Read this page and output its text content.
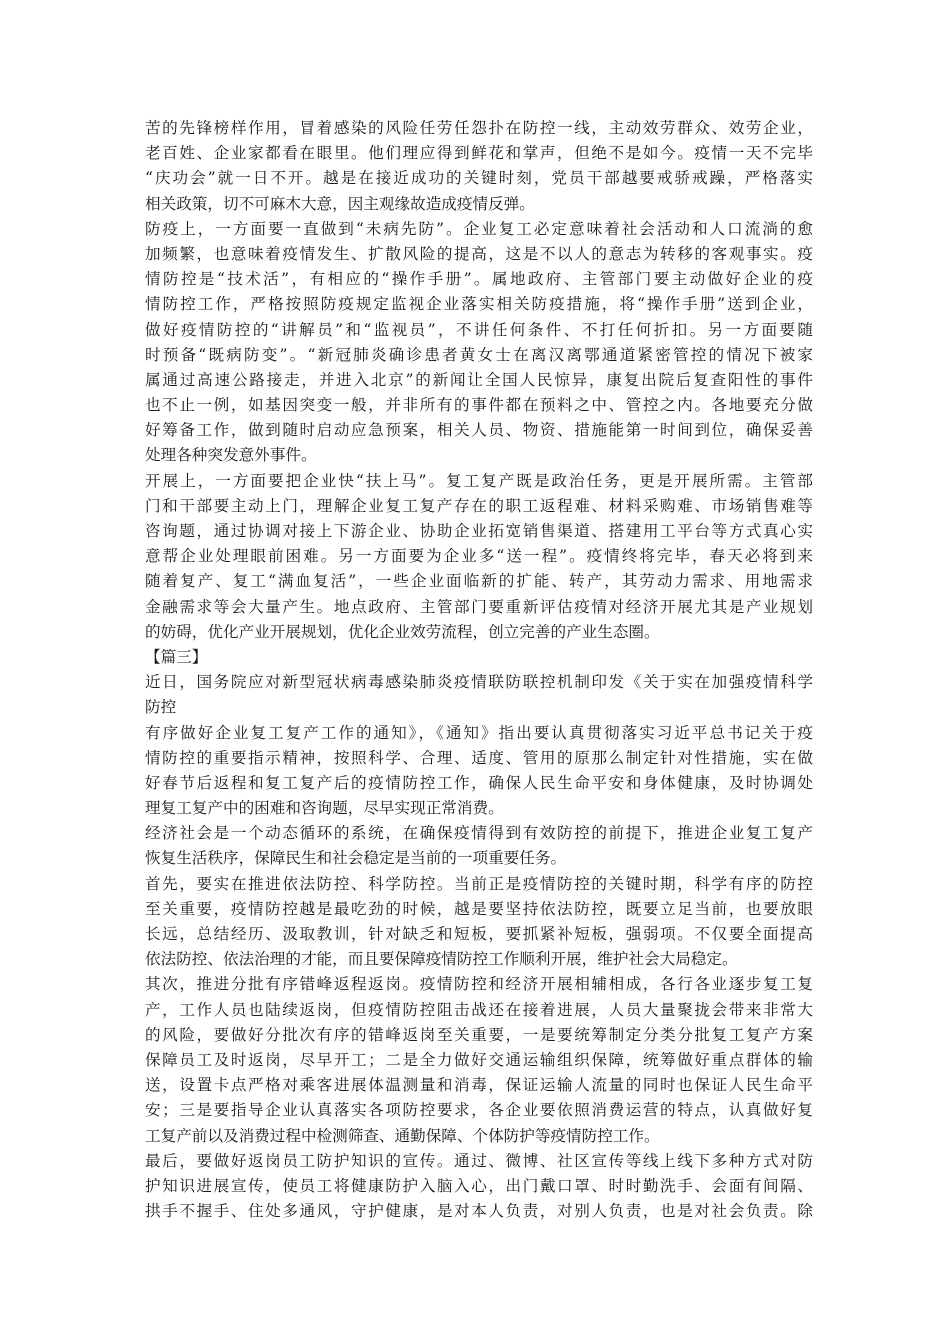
苦的先锋榜样作用，冒着感染的风险任劳任怨扑在防控一线，主动效劳群众、效劳企业，
老百姓、企业家都看在眼里。他们理应得到鲜花和掌声，但绝不是如今。疫情一天不完毕
“庆功会”就一日不开。越是在接近成功的关键时刻，党员干部越要戒骄戒躁，严格落实
相关政策，切不可麻木大意，因主观缘故造成疫情反弹。
防疫上，一方面要一直做到“未病先防”。企业复工必定意味着社会活动和人口流淌的愈
加频繁，也意味着疫情发生、扩散风险的提高，这是不以人的意志为转移的客观事实。疫
情防控是“技术活”，有相应的“操作手册”。属地政府、主管部门要主动做好企业的疫
情防控工作，严格按照防疫规定监视企业落实相关防疫措施，将“操作手册”送到企业，
做好疫情防控的“讲解员”和“监视员”，不讲任何条件、不打任何折扣。另一方面要随
时预备“既病防变”。“新冠肺炎确诊患者黄女士在离汉离鄂通道紧密管控的情况下被家
属通过高速公路接走，并进入北京”的新闻让全国人民惊异，康复出院后复查阳性的事件
也不止一例，如基因突变一般，并非所有的事件都在预料之中、管控之内。各地要充分做
好筹备工作，做到随时启动应急预案，相关人员、物资、措施能第一时间到位，确保妥善
处理各种突发意外事件。
开展上，一方面要把企业快“扶上马”。复工复产既是政治任务，更是开展所需。主管部
门和干部要主动上门，理解企业复工复产存在的职工返程难、材料采购难、市场销售难等
咨询题，通过协调对接上下游企业、协助企业拓宽销售渠道、搭建用工平台等方式真心实
意帮企业处理眼前困难。另一方面要为企业多“送一程”。疫情终将完毕，春天必将到来
随着复产、复工“满血复活”，一些企业面临新的扩能、转产，其劳动力需求、用地需求
金融需求等会大量产生。地点政府、主管部门要重新评估疫情对经济开展尤其是产业规划
的妨碍，优化产业开展规划，优化企业效劳流程，创立完善的产业生态圈。
【篇三】
近日，国务院应对新型冠状病毒感染肺炎疫情联防联控机制印发《关于实在加强疫情科学
防控
有序做好企业复工复产工作的通知》，《通知》指出要认真贯彻落实习近平总书记关于疫
情防控的重要指示精神，按照科学、合理、适度、管用的原那么制定针对性措施，实在做
好春节后返程和复工复产后的疫情防控工作，确保人民生命平安和身体健康，及时协调处
理复工复产中的困难和咨询题，尽早实现正常消费。
经济社会是一个动态循环的系统，在确保疫情得到有效防控的前提下，推进企业复工复产
恢复生活秩序，保障民生和社会稳定是当前的一项重要任务。
首先，要实在推进依法防控、科学防控。当前正是疫情防控的关键时期，科学有序的防控
至关重要，疫情防控越是最吃劲的时候，越是要坚持依法防控，既要立足当前，也要放眼
长远，总结经历、汲取教训，针对缺乏和短板，要抓紧补短板，强弱项。不仅要全面提高
依法防控、依法治理的才能，而且要保障疫情防控工作顺利开展，维护社会大局稳定。
其次，推进分批有序错峰返程返岗。疫情防控和经济开展相辅相成，各行各业逐步复工复
产，工作人员也陆续返岗，但疫情防控阻击战还在接着进展，人员大量聚拢会带来非常大
的风险，要做好分批次有序的错峰返岗至关重要，一是要统筹制定分类分批复工复产方案
保障员工及时返岗，尽早开工；二是全力做好交通运输组织保障，统筹做好重点群体的输
送，设置卡点严格对乘客进展体温测量和消毒，保证运输人流量的同时也保证人民生命平
安；三是要指导企业认真落实各项防控要求，各企业要依照消费运营的特点，认真做好复
工复产前以及消费过程中检测筛查、通勤保障、个体防护等疫情防控工作。
最后，要做好返岗员工防护知识的宣传。通过、微博、社区宣传等线上线下多种方式对防
护知识进展宣传，使员工将健康防护入脑入心，出门戴口罩、时时勤洗手、会面有间隔、
拱手不握手、住处多通风，守护健康，是对本人负责，对别人负责，也是对社会负责。除
